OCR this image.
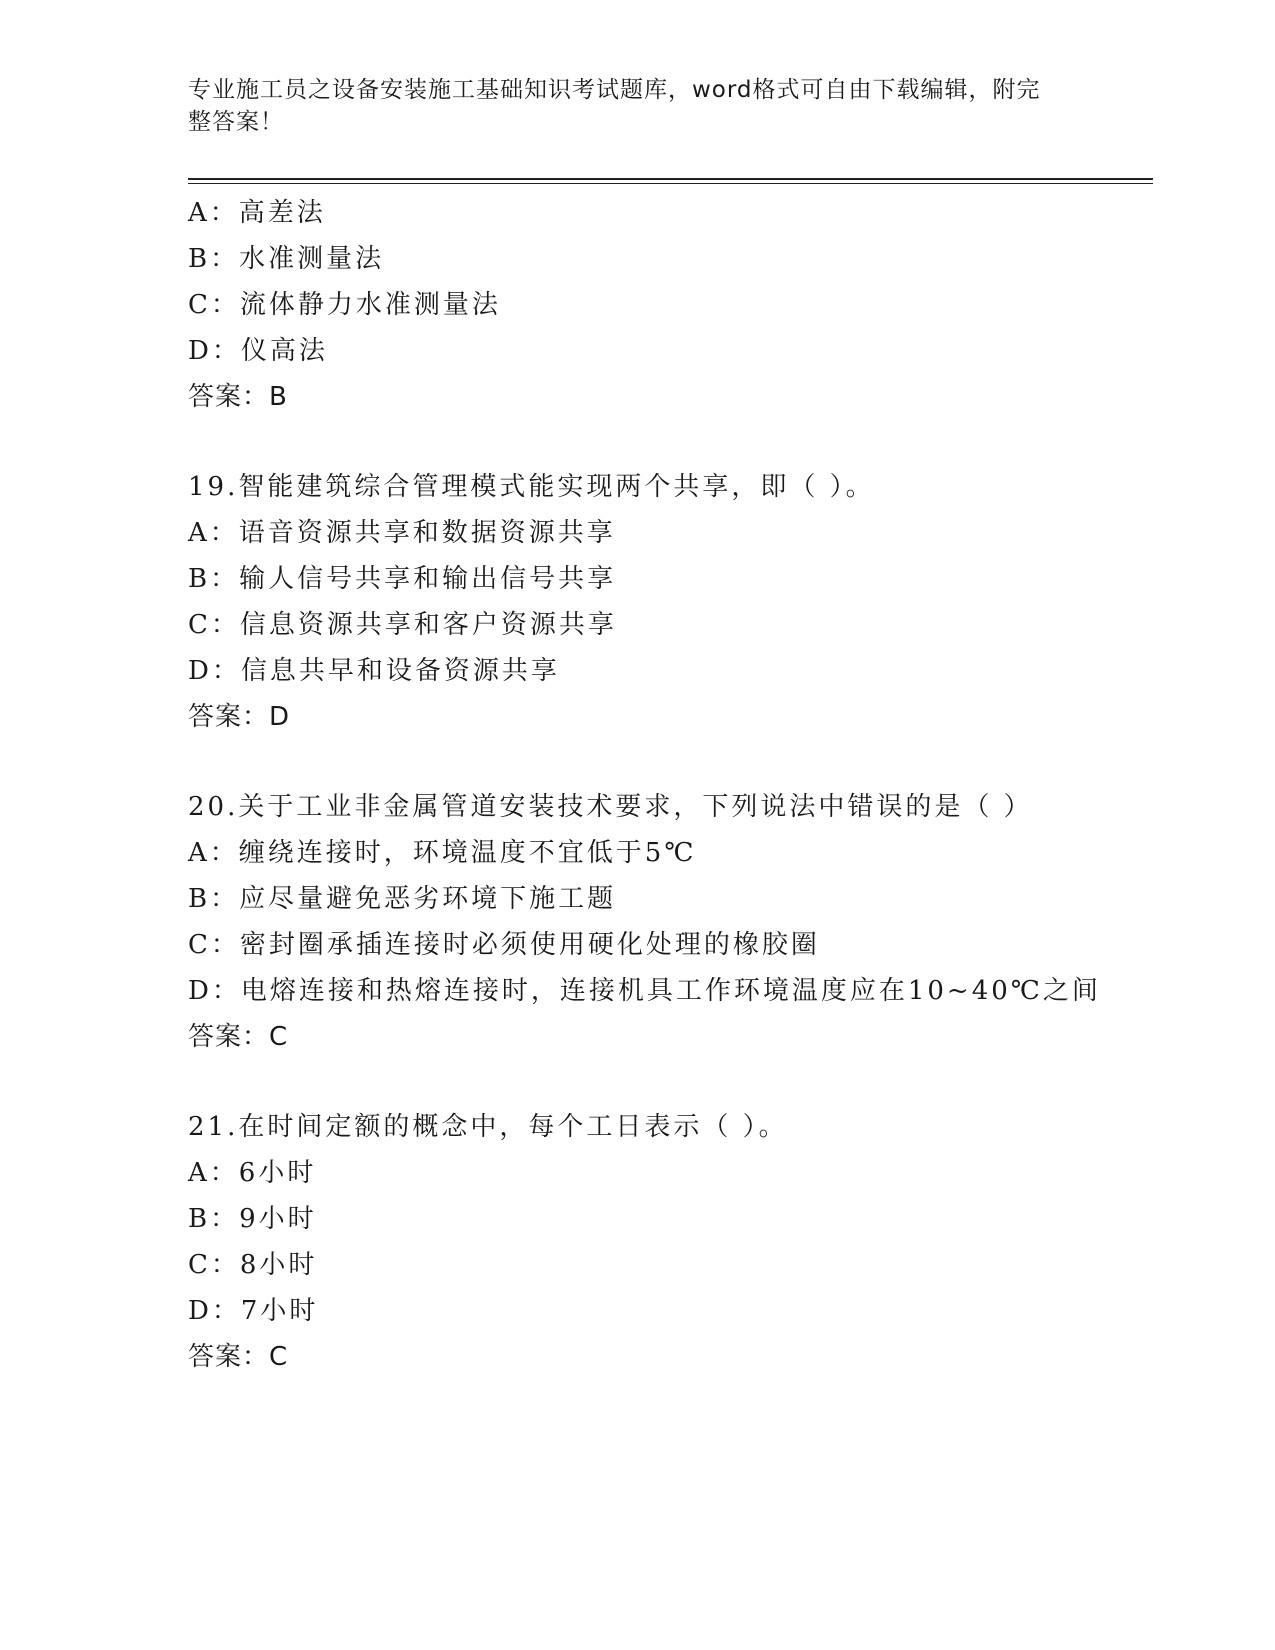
专业施工员之设备安装施工基础知识考试题库，word格式可自由下载编辑，附完
整答案！
A：高差法
B：水准测量法
C：流体静力水准测量法
D：仪高法
答案：B
19.智能建筑综合管理模式能实现两个共享，即（ ）。
A：语音资源共享和数据资源共享
B：输人信号共享和输出信号共享
C：信息资源共享和客户资源共享
D：信息共早和设备资源共享
答案：D
20.关于工业非金属管道安装技术要求，下列说法中错误的是（ ）
A：缠绕连接时，环境温度不宜低于5℃
B：应尽量避免恶劣环境下施工题
C：密封圈承插连接时必须使用硬化处理的橡胶圈
D：电熔连接和热熔连接时，连接机具工作环境温度应在10~40℃之间
答案：C
21.在时间定额的概念中，每个工日表示（ ）。
A：6小时
B：9小时
C：8小时
D：7小时
答案：C
